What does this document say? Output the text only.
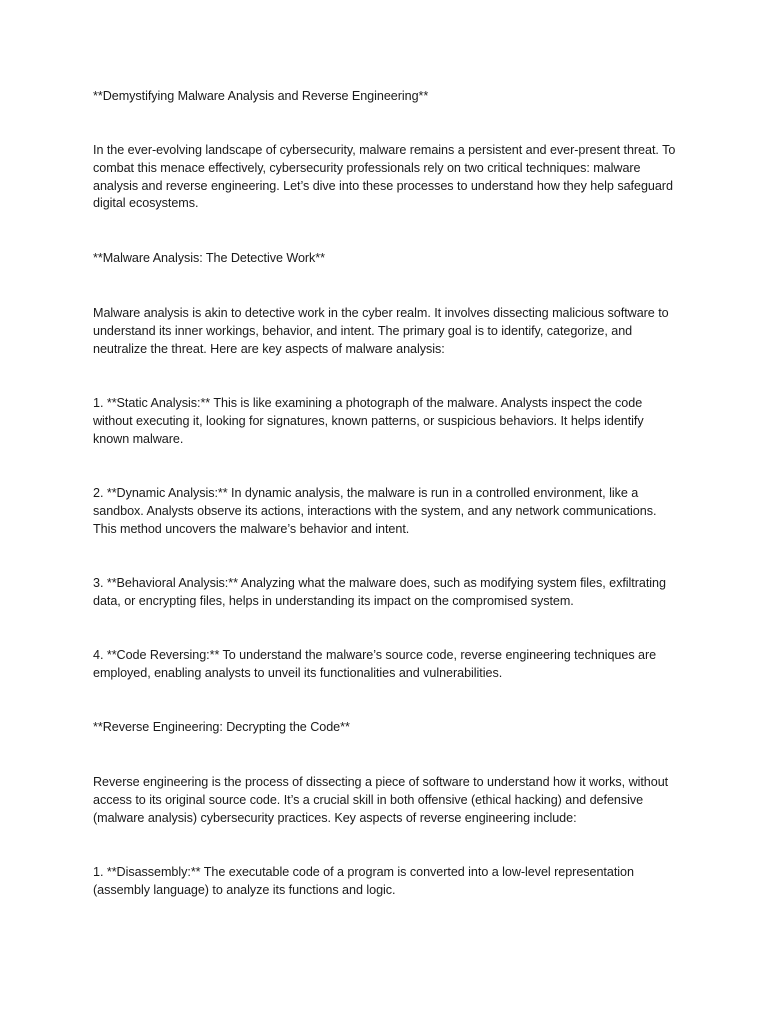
**Demystifying Malware Analysis and Reverse Engineering**

In the ever-evolving landscape of cybersecurity, malware remains a persistent and ever-present threat. To combat this menace effectively, cybersecurity professionals rely on two critical techniques: malware analysis and reverse engineering. Let’s dive into these processes to understand how they help safeguard digital ecosystems.

**Malware Analysis: The Detective Work**

Malware analysis is akin to detective work in the cyber realm. It involves dissecting malicious software to understand its inner workings, behavior, and intent. The primary goal is to identify, categorize, and neutralize the threat. Here are key aspects of malware analysis:

1. **Static Analysis:** This is like examining a photograph of the malware. Analysts inspect the code without executing it, looking for signatures, known patterns, or suspicious behaviors. It helps identify known malware.

2. **Dynamic Analysis:** In dynamic analysis, the malware is run in a controlled environment, like a sandbox. Analysts observe its actions, interactions with the system, and any network communications. This method uncovers the malware’s behavior and intent.

3. **Behavioral Analysis:** Analyzing what the malware does, such as modifying system files, exfiltrating data, or encrypting files, helps in understanding its impact on the compromised system.

4. **Code Reversing:** To understand the malware’s source code, reverse engineering techniques are employed, enabling analysts to unveil its functionalities and vulnerabilities.

**Reverse Engineering: Decrypting the Code**

Reverse engineering is the process of dissecting a piece of software to understand how it works, without access to its original source code. It’s a crucial skill in both offensive (ethical hacking) and defensive (malware analysis) cybersecurity practices. Key aspects of reverse engineering include:

1. **Disassembly:** The executable code of a program is converted into a low-level representation (assembly language) to analyze its functions and logic.
